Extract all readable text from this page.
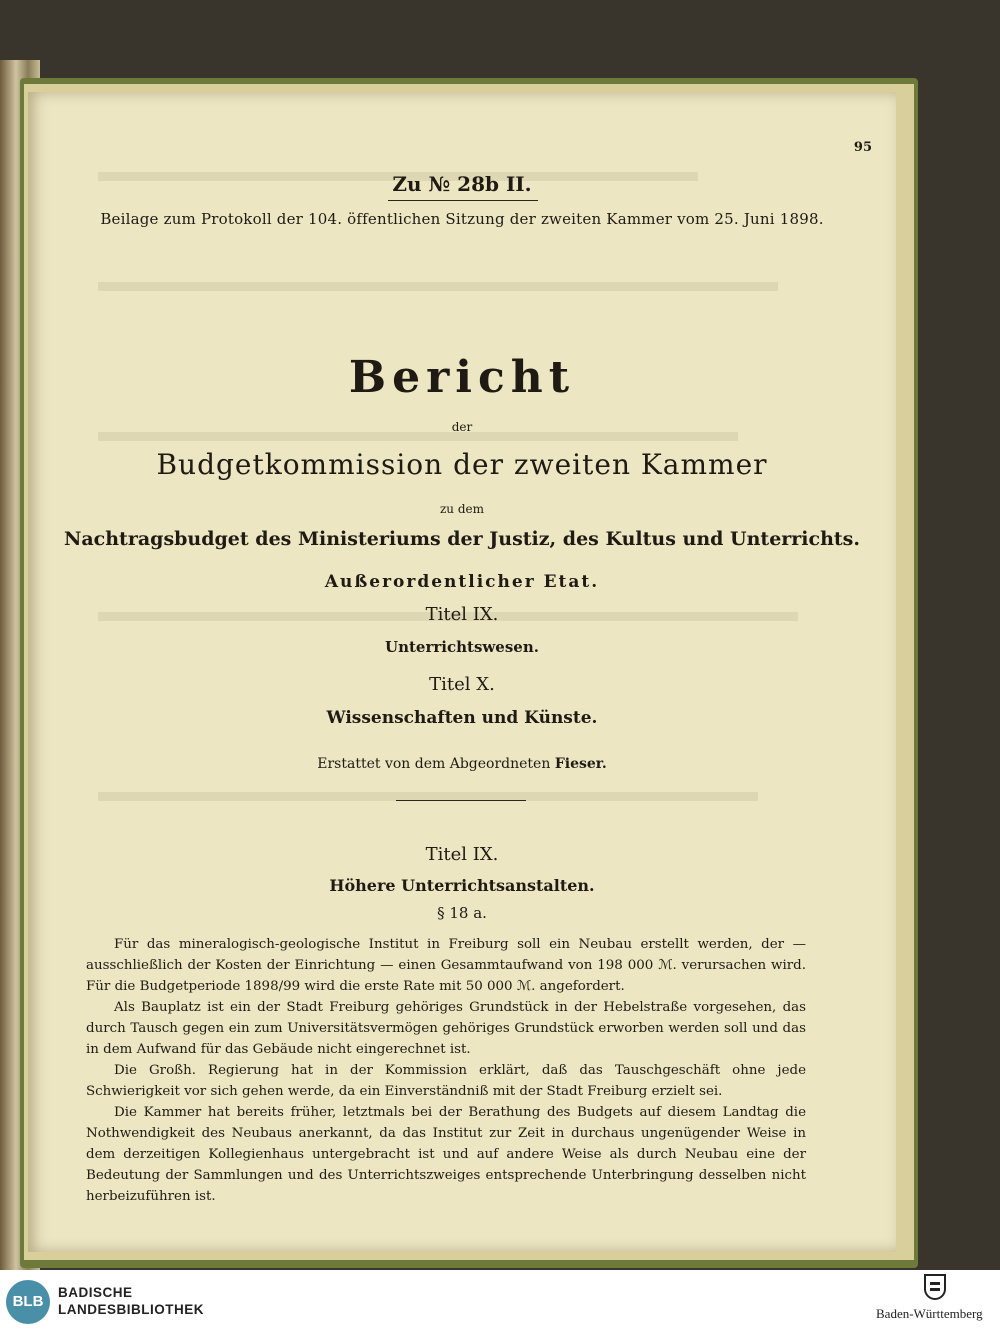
95
Zu № 28b II.
Beilage zum Protokoll der 104. öffentlichen Sitzung der zweiten Kammer vom 25. Juni 1898.
Bericht
der
Budgetkommission der zweiten Kammer
zu dem
Nachtragsbudget des Ministeriums der Justiz, des Kultus und Unterrichts.
Außerordentlicher Etat.
Titel IX.
Unterrichtswesen.
Titel X.
Wissenschaften und Künste.
Erstattet von dem Abgeordneten Fieser.
Titel IX.
Höhere Unterrichtsanstalten.
§ 18 a.

Für das mineralogisch-geologische Institut in Freiburg soll ein Neubau erstellt werden, der — ausschließlich der Kosten der Einrichtung — einen Gesammtaufwand von 198 000 ℳ. verursachen wird. Für die Budgetperiode 1898/99 wird die erste Rate mit 50 000 ℳ. angefordert.

Als Bauplatz ist ein der Stadt Freiburg gehöriges Grundstück in der Hebelstraße vorgesehen, das durch Tausch gegen ein zum Universitätsvermögen gehöriges Grundstück erworben werden soll und das in dem Aufwand für das Gebäude nicht eingerechnet ist.

Die Großh. Regierung hat in der Kommission erklärt, daß das Tauschgeschäft ohne jede Schwierigkeit vor sich gehen werde, da ein Einverständniß mit der Stadt Freiburg erzielt sei.

Die Kammer hat bereits früher, letztmals bei der Berathung des Budgets auf diesem Landtag die Nothwendigkeit des Neubaus anerkannt, da das Institut zur Zeit in durchaus ungenügender Weise in dem derzeitigen Kollegienhaus untergebracht ist und auf andere Weise als durch Neubau eine der Bedeutung der Sammlungen und des Unterrichtszweiges entsprechende Unterbringung desselben nicht herbeizuführen ist.

BLB
BADISCHE
LANDESBIBLIOTHEK	Baden-Württemberg
